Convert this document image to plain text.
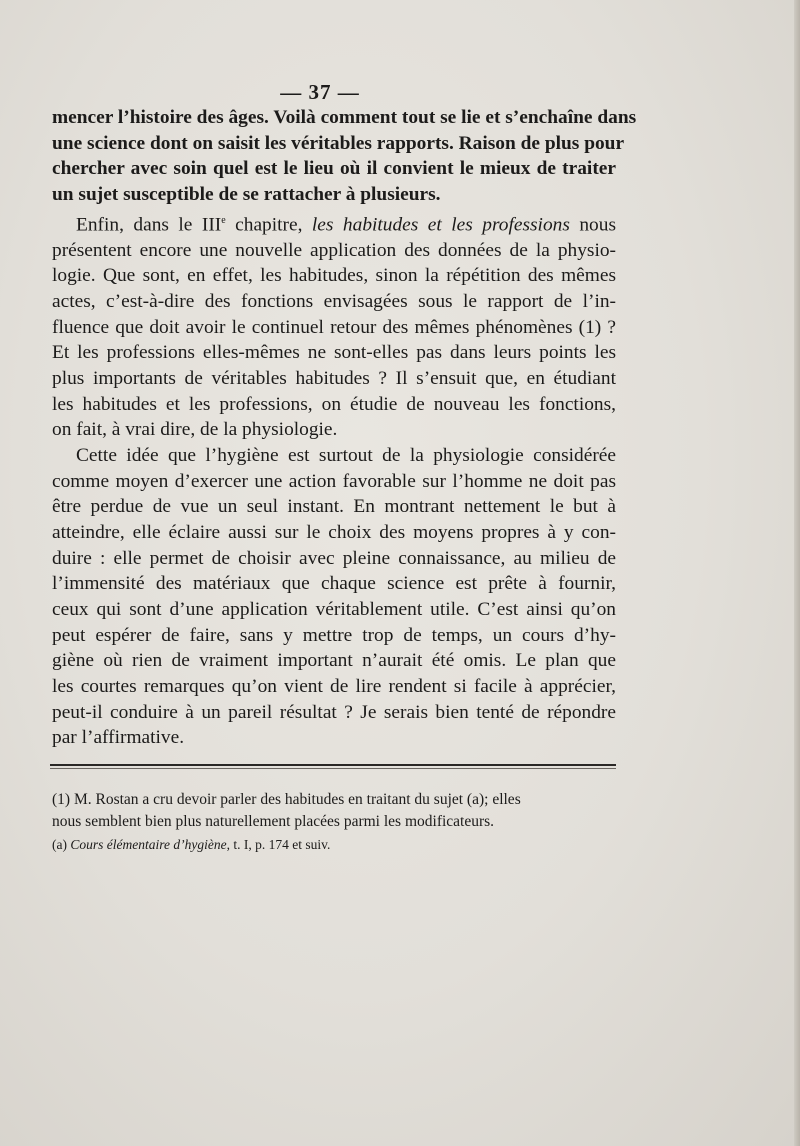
— 37 —
mencer l’histoire des âges. Voilà comment tout se lie et s’enchaîne dans
une science dont on saisit les véritables rapports. Raison de plus pour
chercher avec soin quel est le lieu où il convient le mieux de traiter
un sujet susceptible de se rattacher à plusieurs.
Enfin, dans le IIIe chapitre, les habitudes et les professions nous
présentent encore une nouvelle application des données de la physio-
logie. Que sont, en effet, les habitudes, sinon la répétition des mêmes
actes, c’est-à-dire des fonctions envisagées sous le rapport de l’in-
fluence que doit avoir le continuel retour des mêmes phénomènes (1) ?
Et les professions elles-mêmes ne sont-elles pas dans leurs points les
plus importants de véritables habitudes ? Il s’ensuit que, en étudiant
les habitudes et les professions, on étudie de nouveau les fonctions,
on fait, à vrai dire, de la physiologie.
Cette idée que l’hygiène est surtout de la physiologie considérée
comme moyen d’exercer une action favorable sur l’homme ne doit pas
être perdue de vue un seul instant. En montrant nettement le but à
atteindre, elle éclaire aussi sur le choix des moyens propres à y con-
duire : elle permet de choisir avec pleine connaissance, au milieu de
l’immensité des matériaux que chaque science est prête à fournir,
ceux qui sont d’une application véritablement utile. C’est ainsi qu’on
peut espérer de faire, sans y mettre trop de temps, un cours d’hy-
giène où rien de vraiment important n’aurait été omis. Le plan que
les courtes remarques qu’on vient de lire rendent si facile à apprécier,
peut-il conduire à un pareil résultat ? Je serais bien tenté de répondre
par l’affirmative.
(1) M. Rostan a cru devoir parler des habitudes en traitant du sujet (a); elles
nous semblent bien plus naturellement placées parmi les modificateurs.
(a) Cours élémentaire d’hygiène, t. I, p. 174 et suiv.
